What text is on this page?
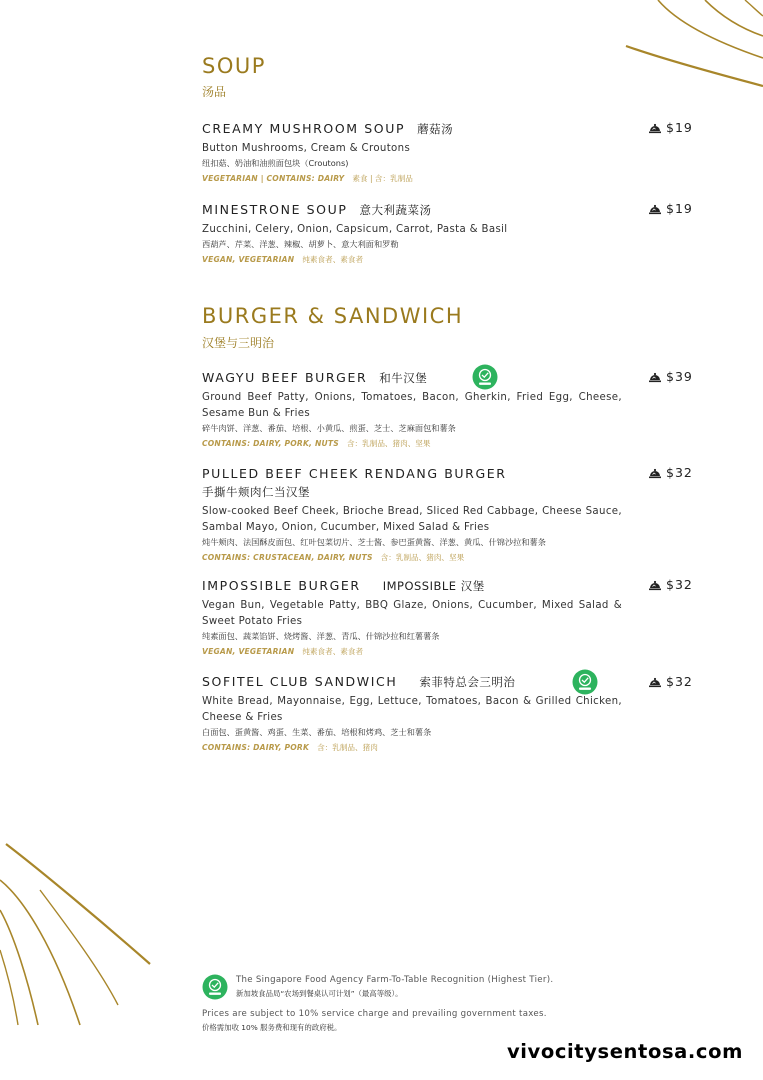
SOUP
汤品
CREAMY MUSHROOM SOUP 蘑菇汤
Button Mushrooms, Cream & Croutons
纽扣菇、奶油和油煎面包块（Croutons)
VEGETARIAN | CONTAINS: DAIRY 素食 | 含：乳制品
$19
MINESTRONE SOUP 意大利蔬菜汤
Zucchini, Celery, Onion, Capsicum, Carrot, Pasta & Basil
西葫芦、芹菜、洋葱、辣椒、胡萝卜、意大利面和罗勒
VEGAN, VEGETARIAN 纯素食者、素食者
$19
BURGER & SANDWICH
汉堡与三明治
WAGYU BEEF BURGER 和牛汉堡
Ground Beef Patty, Onions, Tomatoes, Bacon, Gherkin, Fried Egg, Cheese, Sesame Bun & Fries
碎牛肉饼、洋葱、番茄、培根、小黄瓜、煎蛋、芝士、芝麻面包和薯条
CONTAINS: DAIRY, PORK, NUTS 含：乳制品、猪肉、坚果
$39
PULLED BEEF CHEEK RENDANG BURGER
手撕牛颊肉仁当汉堡
Slow-cooked Beef Cheek, Brioche Bread, Sliced Red Cabbage, Cheese Sauce, Sambal Mayo, Onion, Cucumber, Mixed Salad & Fries
炖牛颊肉、法国酥皮面包、红叶包菜切片、芝士酱、参巴蛋黄酱、洋葱、黄瓜、什锦沙拉和薯条
CONTAINS: CRUSTACEAN, DAIRY, NUTS 含：乳制品、猪肉、坚果
$32
IMPOSSIBLE BURGER IMPOSSIBLE 汉堡
Vegan Bun, Vegetable Patty, BBQ Glaze, Onions, Cucumber, Mixed Salad & Sweet Potato Fries
纯素面包、蔬菜馅饼、烧烤酱、洋葱、青瓜、什锦沙拉和红薯薯条
VEGAN, VEGETARIAN 纯素食者、素食者
$32
SOFITEL CLUB SANDWICH 索菲特总会三明治
White Bread, Mayonnaise, Egg, Lettuce, Tomatoes, Bacon & Grilled Chicken, Cheese & Fries
白面包、蛋黄酱、鸡蛋、生菜、番茄、培根和烤鸡、芝士和薯条
CONTAINS: DAIRY, PORK 含：乳制品、猪肉
$32
The Singapore Food Agency Farm-To-Table Recognition (Highest Tier).
新加坡食品局“农场到餐桌认可计划”（最高等级）。
Prices are subject to 10% service charge and prevailing government taxes.
价格需加收 10% 服务费和现有的政府税。
vivocitysentosa.com
